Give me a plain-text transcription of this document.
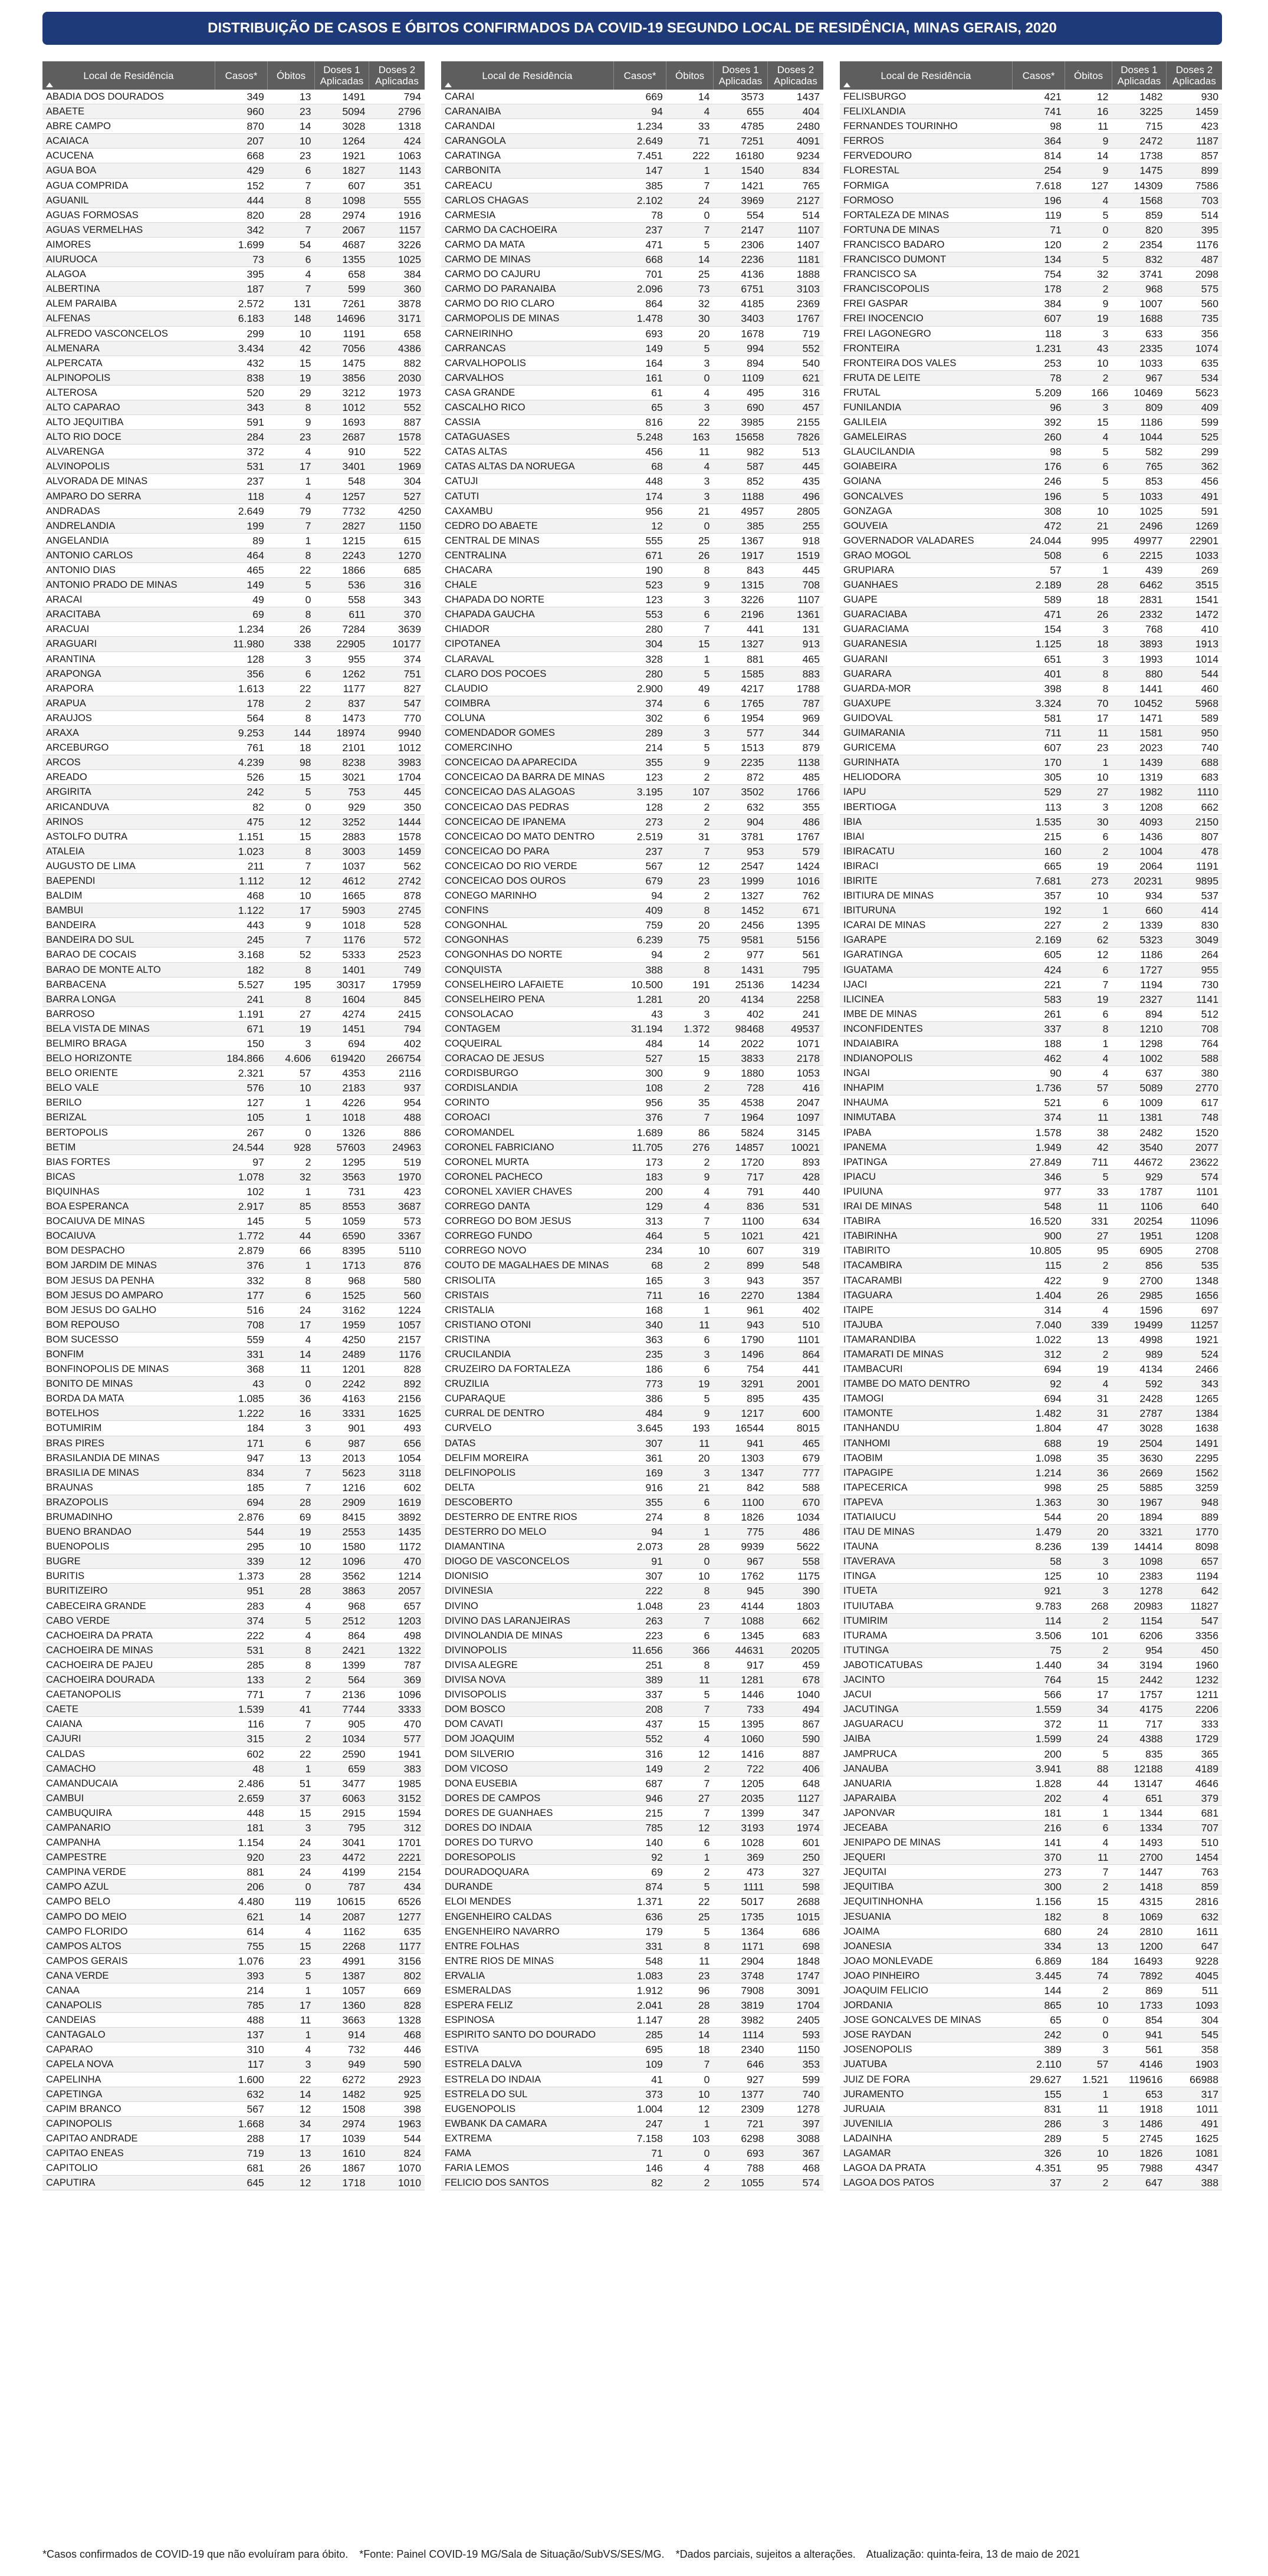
DISTRIBUIÇÃO DE CASOS E ÓBITOS CONFIRMADOS DA COVID-19 SEGUNDO LOCAL DE RESIDÊNCIA, MINAS GERAIS, 2020
Local de Residência	Casos*	Óbitos	Doses 1 Aplicadas	Doses 2 Aplicadas
ABADIA DOS DOURADOS	349	13	1491	794
ABAETE	960	23	5094	2796
ABRE CAMPO	870	14	3028	1318
ACAIACA	207	10	1264	424
ACUCENA	668	23	1921	1063
AGUA BOA	429	6	1827	1143
AGUA COMPRIDA	152	7	607	351
AGUANIL	444	8	1098	555
AGUAS FORMOSAS	820	28	2974	1916
AGUAS VERMELHAS	342	7	2067	1157
AIMORES	1.699	54	4687	3226
AIURUOCA	73	6	1355	1025
ALAGOA	395	4	658	384
ALBERTINA	187	7	599	360
ALEM PARAIBA	2.572	131	7261	3878
ALFENAS	6.183	148	14696	3171
ALFREDO VASCONCELOS	299	10	1191	658
ALMENARA	3.434	42	7056	4386
ALPERCATA	432	15	1475	882
ALPINOPOLIS	838	19	3856	2030
ALTEROSA	520	29	3212	1973
ALTO CAPARAO	343	8	1012	552
ALTO JEQUITIBA	591	9	1693	887
ALTO RIO DOCE	284	23	2687	1578
ALVARENGA	372	4	910	522
ALVINOPOLIS	531	17	3401	1969
ALVORADA DE MINAS	237	1	548	304
AMPARO DO SERRA	118	4	1257	527
ANDRADAS	2.649	79	7732	4250
ANDRELANDIA	199	7	2827	1150
ANGELANDIA	89	1	1215	615
ANTONIO CARLOS	464	8	2243	1270
ANTONIO DIAS	465	22	1866	685
ANTONIO PRADO DE MINAS	149	5	536	316
ARACAI	49	0	558	343
ARACITABA	69	8	611	370
ARACUAI	1.234	26	7284	3639
ARAGUARI	11.980	338	22905	10177
ARANTINA	128	3	955	374
ARAPONGA	356	6	1262	751
ARAPORA	1.613	22	1177	827
ARAPUA	178	2	837	547
ARAUJOS	564	8	1473	770
ARAXA	9.253	144	18974	9940
ARCEBURGO	761	18	2101	1012
ARCOS	4.239	98	8238	3983
AREADO	526	15	3021	1704
ARGIRITA	242	5	753	445
ARICANDUVA	82	0	929	350
ARINOS	475	12	3252	1444
ASTOLFO DUTRA	1.151	15	2883	1578
ATALEIA	1.023	8	3003	1459
AUGUSTO DE LIMA	211	7	1037	562
BAEPENDI	1.112	12	4612	2742
BALDIM	468	10	1665	878
BAMBUI	1.122	17	5903	2745
BANDEIRA	443	9	1018	528
BANDEIRA DO SUL	245	7	1176	572
BARAO DE COCAIS	3.168	52	5333	2523
BARAO DE MONTE ALTO	182	8	1401	749
BARBACENA	5.527	195	30317	17959
BARRA LONGA	241	8	1604	845
BARROSO	1.191	27	4274	2415
BELA VISTA DE MINAS	671	19	1451	794
BELMIRO BRAGA	150	3	694	402
BELO HORIZONTE	184.866	4.606	619420	266754
BELO ORIENTE	2.321	57	4353	2116
BELO VALE	576	10	2183	937
BERILO	127	1	4226	954
BERIZAL	105	1	1018	488
BERTOPOLIS	267	0	1326	886
BETIM	24.544	928	57603	24963
BIAS FORTES	97	2	1295	519
BICAS	1.078	32	3563	1970
BIQUINHAS	102	1	731	423
BOA ESPERANCA	2.917	85	8553	3687
BOCAIUVA DE MINAS	145	5	1059	573
BOCAIUVA	1.772	44	6590	3367
BOM DESPACHO	2.879	66	8395	5110
BOM JARDIM DE MINAS	376	1	1713	876
BOM JESUS DA PENHA	332	8	968	580
BOM JESUS DO AMPARO	177	6	1525	560
BOM JESUS DO GALHO	516	24	3162	1224
BOM REPOUSO	708	17	1959	1057
BOM SUCESSO	559	4	4250	2157
BONFIM	331	14	2489	1176
BONFINOPOLIS DE MINAS	368	11	1201	828
BONITO DE MINAS	43	0	2242	892
BORDA DA MATA	1.085	36	4163	2156
BOTELHOS	1.222	16	3331	1625
BOTUMIRIM	184	3	901	493
BRAS PIRES	171	6	987	656
BRASILANDIA DE MINAS	947	13	2013	1054
BRASILIA DE MINAS	834	7	5623	3118
BRAUNAS	185	7	1216	602
BRAZOPOLIS	694	28	2909	1619
BRUMADINHO	2.876	69	8415	3892
BUENO BRANDAO	544	19	2553	1435
BUENOPOLIS	295	10	1580	1172
BUGRE	339	12	1096	470
BURITIS	1.373	28	3562	1214
BURITIZEIRO	951	28	3863	2057
CABECEIRA GRANDE	283	4	968	657
CABO VERDE	374	5	2512	1203
CACHOEIRA DA PRATA	222	4	864	498
CACHOEIRA DE MINAS	531	8	2421	1322
CACHOEIRA DE PAJEU	285	8	1399	787
CACHOEIRA DOURADA	133	2	564	369
CAETANOPOLIS	771	7	2136	1096
CAETE	1.539	41	7744	3333
CAIANA	116	7	905	470
CAJURI	315	2	1034	577
CALDAS	602	22	2590	1941
CAMACHO	48	1	659	383
CAMANDUCAIA	2.486	51	3477	1985
CAMBUI	2.659	37	6063	3152
CAMBUQUIRA	448	15	2915	1594
CAMPANARIO	181	3	795	312
CAMPANHA	1.154	24	3041	1701
CAMPESTRE	920	23	4472	2221
CAMPINA VERDE	881	24	4199	2154
CAMPO AZUL	206	0	787	434
CAMPO BELO	4.480	119	10615	6526
CAMPO DO MEIO	621	14	2087	1277
CAMPO FLORIDO	614	4	1162	635
CAMPOS ALTOS	755	15	2268	1177
CAMPOS GERAIS	1.076	23	4991	3156
CANA VERDE	393	5	1387	802
CANAA	214	1	1057	669
CANAPOLIS	785	17	1360	828
CANDEIAS	488	11	3663	1328
CANTAGALO	137	1	914	468
CAPARAO	310	4	732	446
CAPELA NOVA	117	3	949	590
CAPELINHA	1.600	22	6272	2923
CAPETINGA	632	14	1482	925
CAPIM BRANCO	567	12	1508	398
CAPINOPOLIS	1.668	34	2974	1963
CAPITAO ANDRADE	288	17	1039	544
CAPITAO ENEAS	719	13	1610	824
CAPITOLIO	681	26	1867	1070
CAPUTIRA	645	12	1718	1010
Local de Residência	Casos*	Óbitos	Doses 1 Aplicadas	Doses 2 Aplicadas
CARAI	669	14	3573	1437
CARANAIBA	94	4	655	404
CARANDAI	1.234	33	4785	2480
CARANGOLA	2.649	71	7251	4091
CARATINGA	7.451	222	16180	9234
CARBONITA	147	1	1540	834
CAREACU	385	7	1421	765
CARLOS CHAGAS	2.102	24	3969	2127
CARMESIA	78	0	554	514
CARMO DA CACHOEIRA	237	7	2147	1107
CARMO DA MATA	471	5	2306	1407
CARMO DE MINAS	668	14	2236	1181
CARMO DO CAJURU	701	25	4136	1888
CARMO DO PARANAIBA	2.096	73	6751	3103
CARMO DO RIO CLARO	864	32	4185	2369
CARMOPOLIS DE MINAS	1.478	30	3403	1767
CARNEIRINHO	693	20	1678	719
CARRANCAS	149	5	994	552
CARVALHOPOLIS	164	3	894	540
CARVALHOS	161	0	1109	621
CASA GRANDE	61	4	495	316
CASCALHO RICO	65	3	690	457
CASSIA	816	22	3985	2155
CATAGUASES	5.248	163	15658	7826
CATAS ALTAS	456	11	982	513
CATAS ALTAS DA NORUEGA	68	4	587	445
CATUJI	448	3	852	435
CATUTI	174	3	1188	496
CAXAMBU	956	21	4957	2805
CEDRO DO ABAETE	12	0	385	255
CENTRAL DE MINAS	555	25	1367	918
CENTRALINA	671	26	1917	1519
CHACARA	190	8	843	445
CHALE	523	9	1315	708
CHAPADA DO NORTE	123	3	3226	1107
CHAPADA GAUCHA	553	6	2196	1361
CHIADOR	280	7	441	131
CIPOTANEA	304	15	1327	913
CLARAVAL	328	1	881	465
CLARO DOS POCOES	280	5	1585	883
CLAUDIO	2.900	49	4217	1788
COIMBRA	374	6	1765	787
COLUNA	302	6	1954	969
COMENDADOR GOMES	289	3	577	344
COMERCINHO	214	5	1513	879
CONCEICAO DA APARECIDA	355	9	2235	1138
CONCEICAO DA BARRA DE MINAS	123	2	872	485
CONCEICAO DAS ALAGOAS	3.195	107	3502	1766
CONCEICAO DAS PEDRAS	128	2	632	355
CONCEICAO DE IPANEMA	273	2	904	486
CONCEICAO DO MATO DENTRO	2.519	31	3781	1767
CONCEICAO DO PARA	237	7	953	579
CONCEICAO DO RIO VERDE	567	12	2547	1424
CONCEICAO DOS OUROS	679	23	1999	1016
CONEGO MARINHO	94	2	1327	762
CONFINS	409	8	1452	671
CONGONHAL	759	20	2456	1395
CONGONHAS	6.239	75	9581	5156
CONGONHAS DO NORTE	94	2	977	561
CONQUISTA	388	8	1431	795
CONSELHEIRO LAFAIETE	10.500	191	25136	14234
CONSELHEIRO PENA	1.281	20	4134	2258
CONSOLACAO	43	3	402	241
CONTAGEM	31.194	1.372	98468	49537
COQUEIRAL	484	14	2022	1071
CORACAO DE JESUS	527	15	3833	2178
CORDISBURGO	300	9	1880	1053
CORDISLANDIA	108	2	728	416
CORINTO	956	35	4538	2047
COROACI	376	7	1964	1097
COROMANDEL	1.689	86	5824	3145
CORONEL FABRICIANO	11.705	276	14857	10021
CORONEL MURTA	173	2	1720	893
CORONEL PACHECO	183	9	717	428
CORONEL XAVIER CHAVES	200	4	791	440
CORREGO DANTA	129	4	836	531
CORREGO DO BOM JESUS	313	7	1100	634
CORREGO FUNDO	464	5	1021	421
CORREGO NOVO	234	10	607	319
COUTO DE MAGALHAES DE MINAS	68	2	899	548
CRISOLITA	165	3	943	357
CRISTAIS	711	16	2270	1384
CRISTALIA	168	1	961	402
CRISTIANO OTONI	340	11	943	510
CRISTINA	363	6	1790	1101
CRUCILANDIA	235	3	1496	864
CRUZEIRO DA FORTALEZA	186	6	754	441
CRUZILIA	773	19	3291	2001
CUPARAQUE	386	5	895	435
CURRAL DE DENTRO	484	9	1217	600
CURVELO	3.645	193	16544	8015
DATAS	307	11	941	465
DELFIM MOREIRA	361	20	1303	679
DELFINOPOLIS	169	3	1347	777
DELTA	916	21	842	588
DESCOBERTO	355	6	1100	670
DESTERRO DE ENTRE RIOS	274	8	1826	1034
DESTERRO DO MELO	94	1	775	486
DIAMANTINA	2.073	28	9939	5622
DIOGO DE VASCONCELOS	91	0	967	558
DIONISIO	307	10	1762	1175
DIVINESIA	222	8	945	390
DIVINO	1.048	23	4144	1803
DIVINO DAS LARANJEIRAS	263	7	1088	662
DIVINOLANDIA DE MINAS	223	6	1345	683
DIVINOPOLIS	11.656	366	44631	20205
DIVISA ALEGRE	251	8	917	459
DIVISA NOVA	389	11	1281	678
DIVISOPOLIS	337	5	1446	1040
DOM BOSCO	208	7	733	494
DOM CAVATI	437	15	1395	867
DOM JOAQUIM	552	4	1060	590
DOM SILVERIO	316	12	1416	887
DOM VICOSO	149	2	722	406
DONA EUSEBIA	687	7	1205	648
DORES DE CAMPOS	946	27	2035	1127
DORES DE GUANHAES	215	7	1399	347
DORES DO INDAIA	785	12	3193	1974
DORES DO TURVO	140	6	1028	601
DORESOPOLIS	92	1	369	250
DOURADOQUARA	69	2	473	327
DURANDE	874	5	1111	598
ELOI MENDES	1.371	22	5017	2688
ENGENHEIRO CALDAS	636	25	1735	1015
ENGENHEIRO NAVARRO	179	5	1364	686
ENTRE FOLHAS	331	8	1171	698
ENTRE RIOS DE MINAS	548	11	2904	1848
ERVALIA	1.083	23	3748	1747
ESMERALDAS	1.912	96	7908	3091
ESPERA FELIZ	2.041	28	3819	1704
ESPINOSA	1.147	28	3982	2405
ESPIRITO SANTO DO DOURADO	285	14	1114	593
ESTIVA	695	18	2340	1150
ESTRELA DALVA	109	7	646	353
ESTRELA DO INDAIA	41	0	927	599
ESTRELA DO SUL	373	10	1377	740
EUGENOPOLIS	1.004	12	2309	1278
EWBANK DA CAMARA	247	1	721	397
EXTREMA	7.158	103	6298	3088
FAMA	71	0	693	367
FARIA LEMOS	146	4	788	468
FELICIO DOS SANTOS	82	2	1055	574
Local de Residência	Casos*	Óbitos	Doses 1 Aplicadas	Doses 2 Aplicadas
FELISBURGO	421	12	1482	930
FELIXLANDIA	741	16	3225	1459
FERNANDES TOURINHO	98	11	715	423
FERROS	364	9	2472	1187
FERVEDOURO	814	14	1738	857
FLORESTAL	254	9	1475	899
FORMIGA	7.618	127	14309	7586
FORMOSO	196	4	1568	703
FORTALEZA DE MINAS	119	5	859	514
FORTUNA DE MINAS	71	0	820	395
FRANCISCO BADARO	120	2	2354	1176
FRANCISCO DUMONT	134	5	832	487
FRANCISCO SA	754	32	3741	2098
FRANCISCOPOLIS	178	2	968	575
FREI GASPAR	384	9	1007	560
FREI INOCENCIO	607	19	1688	735
FREI LAGONEGRO	118	3	633	356
FRONTEIRA	1.231	43	2335	1074
FRONTEIRA DOS VALES	253	10	1033	635
FRUTA DE LEITE	78	2	967	534
FRUTAL	5.209	166	10469	5623
FUNILANDIA	96	3	809	409
GALILEIA	392	15	1186	599
GAMELEIRAS	260	4	1044	525
GLAUCILANDIA	98	5	582	299
GOIABEIRA	176	6	765	362
GOIANA	246	5	853	456
GONCALVES	196	5	1033	491
GONZAGA	308	10	1025	591
GOUVEIA	472	21	2496	1269
GOVERNADOR VALADARES	24.044	995	49977	22901
GRAO MOGOL	508	6	2215	1033
GRUPIARA	57	1	439	269
GUANHAES	2.189	28	6462	3515
GUAPE	589	18	2831	1541
GUARACIABA	471	26	2332	1472
GUARACIAMA	154	3	768	410
GUARANESIA	1.125	18	3893	1913
GUARANI	651	3	1993	1014
GUARARA	401	8	880	544
GUARDA-MOR	398	8	1441	460
GUAXUPE	3.324	70	10452	5968
GUIDOVAL	581	17	1471	589
GUIMARANIA	711	11	1581	950
GURICEMA	607	23	2023	740
GURINHATA	170	1	1439	688
HELIODORA	305	10	1319	683
IAPU	529	27	1982	1110
IBERTIOGA	113	3	1208	662
IBIA	1.535	30	4093	2150
IBIAI	215	6	1436	807
IBIRACATU	160	2	1004	478
IBIRACI	665	19	2064	1191
IBIRITE	7.681	273	20231	9895
IBITIURA DE MINAS	357	10	934	537
IBITURUNA	192	1	660	414
ICARAI DE MINAS	227	2	1339	830
IGARAPE	2.169	62	5323	3049
IGARATINGA	605	12	1186	264
IGUATAMA	424	6	1727	955
IJACI	221	7	1194	730
ILICINEA	583	19	2327	1141
IMBE DE MINAS	261	6	894	512
INCONFIDENTES	337	8	1210	708
INDAIABIRA	188	1	1298	764
INDIANOPOLIS	462	4	1002	588
INGAI	90	4	637	380
INHAPIM	1.736	57	5089	2770
INHAUMA	521	6	1009	617
INIMUTABA	374	11	1381	748
IPABA	1.578	38	2482	1520
IPANEMA	1.949	42	3540	2077
IPATINGA	27.849	711	44672	23622
IPIACU	346	5	929	574
IPUIUNA	977	33	1787	1101
IRAI DE MINAS	548	11	1106	640
ITABIRA	16.520	331	20254	11096
ITABIRINHA	900	27	1951	1208
ITABIRITO	10.805	95	6905	2708
ITACAMBIRA	115	2	856	535
ITACARAMBI	422	9	2700	1348
ITAGUARA	1.404	26	2985	1656
ITAIPE	314	4	1596	697
ITAJUBA	7.040	339	19499	11257
ITAMARANDIBA	1.022	13	4998	1921
ITAMARATI DE MINAS	312	2	989	524
ITAMBACURI	694	19	4134	2466
ITAMBE DO MATO DENTRO	92	4	592	343
ITAMOGI	694	31	2428	1265
ITAMONTE	1.482	31	2787	1384
ITANHANDU	1.804	47	3028	1638
ITANHOMI	688	19	2504	1491
ITAOBIM	1.098	35	3630	2295
ITAPAGIPE	1.214	36	2669	1562
ITAPECERICA	998	25	5885	3259
ITAPEVA	1.363	30	1967	948
ITATIAIUCU	544	20	1894	889
ITAU DE MINAS	1.479	20	3321	1770
ITAUNA	8.236	139	14414	8098
ITAVERAVA	58	3	1098	657
ITINGA	125	10	2383	1194
ITUETA	921	3	1278	642
ITUIUTABA	9.783	268	20983	11827
ITUMIRIM	114	2	1154	547
ITURAMA	3.506	101	6206	3356
ITUTINGA	75	2	954	450
JABOTICATUBAS	1.440	34	3194	1960
JACINTO	764	15	2442	1232
JACUI	566	17	1757	1211
JACUTINGA	1.559	34	4175	2206
JAGUARACU	372	11	717	333
JAIBA	1.599	24	4388	1729
JAMPRUCA	200	5	835	365
JANAUBA	3.941	88	12188	4189
JANUARIA	1.828	44	13147	4646
JAPARAIBA	202	4	651	379
JAPONVAR	181	1	1344	681
JECEABA	216	6	1334	707
JENIPAPO DE MINAS	141	4	1493	510
JEQUERI	370	11	2700	1454
JEQUITAI	273	7	1447	763
JEQUITIBA	300	2	1418	859
JEQUITINHONHA	1.156	15	4315	2816
JESUANIA	182	8	1069	632
JOAIMA	680	24	2810	1611
JOANESIA	334	13	1200	647
JOAO MONLEVADE	6.869	184	16493	9228
JOAO PINHEIRO	3.445	74	7892	4045
JOAQUIM FELICIO	144	2	869	511
JORDANIA	865	10	1733	1093
JOSE GONCALVES DE MINAS	65	0	854	304
JOSE RAYDAN	242	0	941	545
JOSENOPOLIS	389	3	561	358
JUATUBA	2.110	57	4146	1903
JUIZ DE FORA	29.627	1.521	119616	66988
JURAMENTO	155	1	653	317
JURUAIA	831	11	1918	1011
JUVENILIA	286	3	1486	491
LADAINHA	289	5	2745	1625
LAGAMAR	326	10	1826	1081
LAGOA DA PRATA	4.351	95	7988	4347
LAGOA DOS PATOS	37	2	647	388
*Casos confirmados de COVID-19 que não evoluíram para óbito. *Fonte: Painel COVID-19 MG/Sala de Situação/SubVS/SES/MG. *Dados parciais, sujeitos a alterações. Atualização: quinta-feira, 13 de maio de 2021
